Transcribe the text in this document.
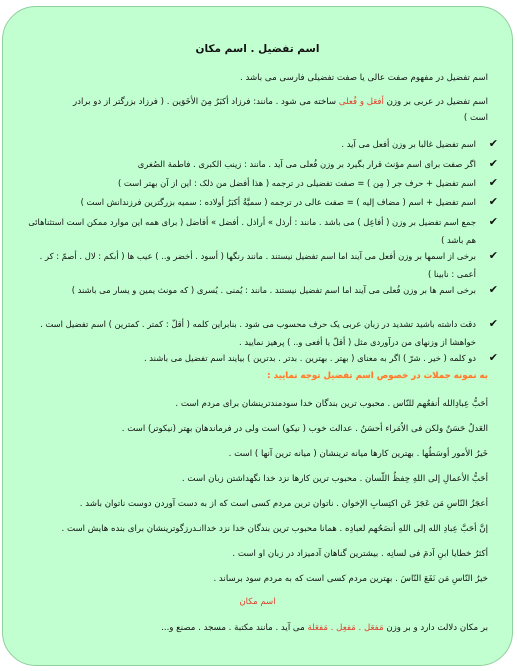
اسم تفضیل . اسم مکان
اسم تفضیل در مفهوم صفت عالی یا صفت تفضیلی فارسی می باشد .
اسم تفضیل در عربی بر وزن أفعَل و فُعلی ساخته می شود . مانند: فرزاد أکبَرُ مِنَ الأخَوَین . ( فرزاد بزرگتر از دو برادر
است )
✔
اسم تفضیل غالبا بر وزن أفعل می آید .
✔
اگر صفت برای اسم مؤنث قرار بگیرد بر وزن فُعلی می آید . مانند : زینب الکبری . فاطمة الصُغری
✔
اسم تفضیل + حرف جر ( مِن ) = صفت تفضیلی در ترجمه ( هذا أفضل من ذلک : این از آن بهتر است )
✔
اسم تفضیل + اسم ( مضاف إلیه ) = صفت عالی در ترجمه ( سمیَّةُ أکبَرُ أولاده : سمیه بزرگترین فرزندانش است )
✔
جمع اسم تفضیل بر وزن ( أفاعِل ) می باشد . مانند : أرذل » أراذل . أفضل » أفاضل ( برای همه این موارد ممکن است استثناهائی هم باشد )
✔
برخی از اسمها بر وزن أفعل می آیند اما اسم تفضیل نیستند . مانند رنگها ( أسود . أخضر و.. ) عیب ها ( أبکم : لال . أصمّ : کر . أعمی : نابینا )
✔
برخی اسم ها بر وزن فُعلی می آیند اما اسم تفضیل نیستند . مانند : یُمنی . یُسری ( که مونث یمین و یسار می باشند )
✔
دقت داشته باشید تشدید در زبان عربی یک حرف محسوب می شود . بنابراین کلمه ( أقلّ : کمتر . کمترین ) اسم تفضیل است . خواهشا از وزنهای من درآوردی مثل ( أقلّ یا أفعی و.. ) پرهیز نمایید .
✔
دو کلمه ( خیر . شرّ ) اگر به معنای ( بهتر . بهترین . بدتر . بدترین ) بیایند اسم تفضیل می باشند .
به نمونه جملات در خصوص اسم تفضیل توجه نمایید :
أحَبُّ عِبادِالله أنفعُهم للنّاس . محبوب ترین بندگان خدا سودمندترینشان برای مردم است .
العَدلُ حَسَنٌ ولکن فی الاُمَراء أحسَنُ . عدالت خوب ( نیکو) است ولی در فرماندهان بهتر (نیکوتر) است .
خَیرُ الأمور أوسَطُها . بهترین کارها میانه ترینشان ( میانه ترین آنها ) است .
أحَبُّ الأعمالِ إلی اللهِ حِفظُ اللّسان . محبوب ترین کارها نزد خدا نگهداشتن زبان است .
أعجَزُ النّاسِ مَن عَجَزَ عَن اکتِسابِ الإخوان . ناتوان ترین مردم کسی است که از به دست آوردن دوست ناتوان باشد .
إنَّ أحَبَّ عِبادِ الله إلی اللهِ أنصَحُهم لعبادِه . همانا محبوب ترین بندگان خدا نزد خداانـدرزگوترینشان برای بنده هایش است .
أکثرُ خطایا ابنِ آدمَ فی لسانِه . بیشترین گناهان آدمیزاد در زبان او است .
خیرُ النّاسِ مَن نَفَعَ النّاسَ . بهترین مردم کسی است که به مردم سود برساند .
اسم مکان
بر مکان دلالت دارد و بر وزن مَفعَل . مَفعِل . مَفعَلة می آید . مانند مکتبة . مسجد . مصنع و...
